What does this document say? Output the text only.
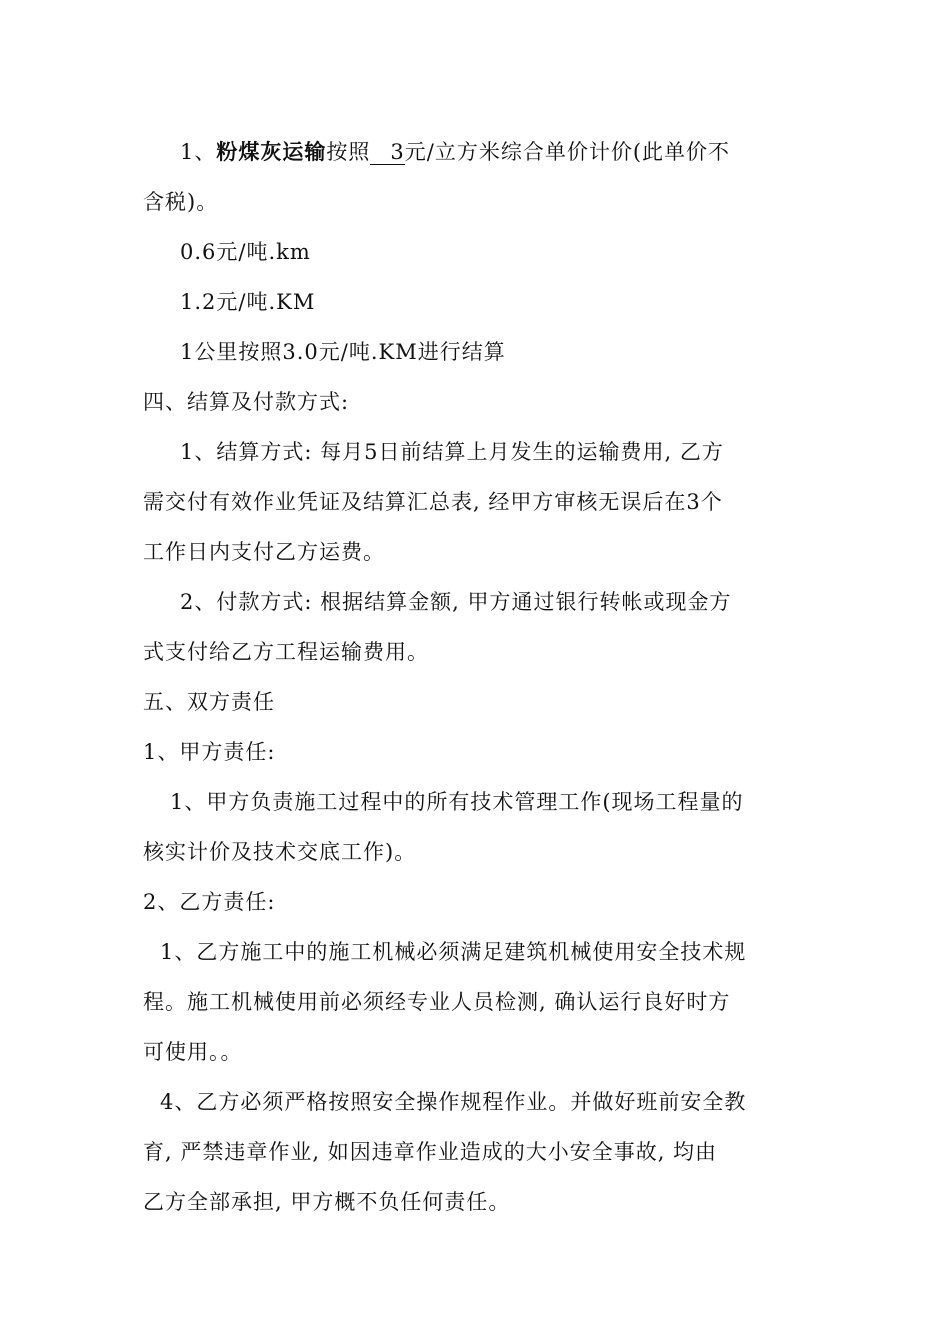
1、粉煤灰运输按照 3元/立方米综合单价计价(此单价不
含税)。
0.6元/吨.km
1.2元/吨.KM
1公里按照3.0元/吨.KM进行结算
四、结算及付款方式:
1、结算方式: 每月5日前结算上月发生的运输费用, 乙方
需交付有效作业凭证及结算汇总表, 经甲方审核无误后在3个
工作日内支付乙方运费。
2、付款方式: 根据结算金额, 甲方通过银行转帐或现金方
式支付给乙方工程运输费用。
五、双方责任
1、甲方责任:
1、甲方负责施工过程中的所有技术管理工作(现场工程量的
核实计价及技术交底工作)。
2、乙方责任:
1、乙方施工中的施工机械必须满足建筑机械使用安全技术规
程。施工机械使用前必须经专业人员检测, 确认运行良好时方
可使用。。
4、乙方必须严格按照安全操作规程作业。并做好班前安全教
育, 严禁违章作业, 如因违章作业造成的大小安全事故, 均由
乙方全部承担, 甲方概不负任何责任。
